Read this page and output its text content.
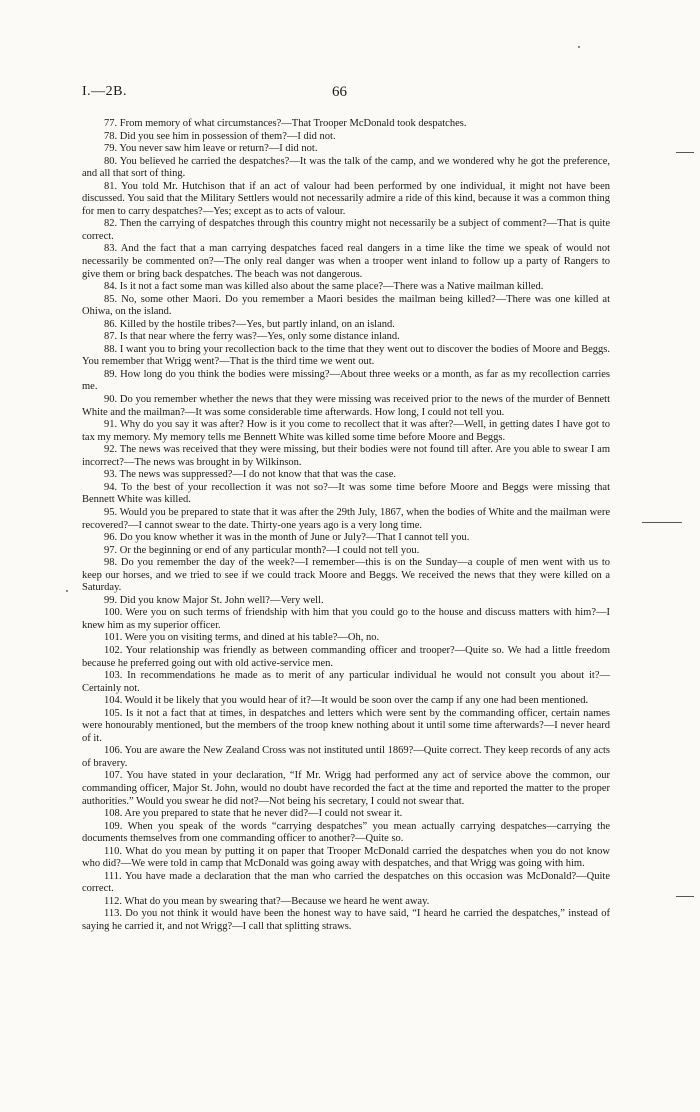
I.—2B.	66

77. From memory of what circumstances?—That Trooper McDonald took despatches.

78. Did you see him in possession of them?—I did not.

79. You never saw him leave or return?—I did not.

80. You believed he carried the despatches?—It was the talk of the camp, and we wondered why he got the preference, and all that sort of thing.

81. You told Mr. Hutchison that if an act of valour had been performed by one individual, it might not have been discussed. You said that the Military Settlers would not necessarily admire a ride of this kind, because it was a common thing for men to carry despatches?—Yes; except as to acts of valour.

82. Then the carrying of despatches through this country might not necessarily be a subject of comment?—That is quite correct.

83. And the fact that a man carrying despatches faced real dangers in a time like the time we speak of would not necessarily be commented on?—The only real danger was when a trooper went inland to follow up a party of Rangers to give them or bring back despatches. The beach was not dangerous.

84. Is it not a fact some man was killed also about the same place?—There was a Native mailman killed.

85. No, some other Maori. Do you remember a Maori besides the mailman being killed?—There was one killed at Ohiwa, on the island.

86. Killed by the hostile tribes?—Yes, but partly inland, on an island.

87. Is that near where the ferry was?—Yes, only some distance inland.

88. I want you to bring your recollection back to the time that they went out to discover the bodies of Moore and Beggs. You remember that Wrigg went?—That is the third time we went out.

89. How long do you think the bodies were missing?—About three weeks or a month, as far as my recollection carries me.

90. Do you remember whether the news that they were missing was received prior to the news of the murder of Bennett White and the mailman?—It was some considerable time afterwards. How long, I could not tell you.

91. Why do you say it was after? How is it you come to recollect that it was after?—Well, in getting dates I have got to tax my memory. My memory tells me Bennett White was killed some time before Moore and Beggs.

92. The news was received that they were missing, but their bodies were not found till after. Are you able to swear I am incorrect?—The news was brought in by Wilkinson.

93. The news was suppressed?—I do not know that that was the case.

94. To the best of your recollection it was not so?—It was some time before Moore and Beggs were missing that Bennett White was killed.

95. Would you be prepared to state that it was after the 29th July, 1867, when the bodies of White and the mailman were recovered?—I cannot swear to the date. Thirty-one years ago is a very long time.

96. Do you know whether it was in the month of June or July?—That I cannot tell you.

97. Or the beginning or end of any particular month?—I could not tell you.

98. Do you remember the day of the week?—I remember—this is on the Sunday—a couple of men went with us to keep our horses, and we tried to see if we could track Moore and Beggs. We received the news that they were killed on a Saturday.

99. Did you know Major St. John well?—Very well.

100. Were you on such terms of friendship with him that you could go to the house and discuss matters with him?—I knew him as my superior officer.

101. Were you on visiting terms, and dined at his table?—Oh, no.

102. Your relationship was friendly as between commanding officer and trooper?—Quite so. We had a little freedom because he preferred going out with old active-service men.

103. In recommendations he made as to merit of any particular individual he would not consult you about it?—Certainly not.

104. Would it be likely that you would hear of it?—It would be soon over the camp if any one had been mentioned.

105. Is it not a fact that at times, in despatches and letters which were sent by the commanding officer, certain names were honourably mentioned, but the members of the troop knew nothing about it until some time afterwards?—I never heard of it.

106. You are aware the New Zealand Cross was not instituted until 1869?—Quite correct. They keep records of any acts of bravery.

107. You have stated in your declaration, “If Mr. Wrigg had performed any act of service above the common, our commanding officer, Major St. John, would no doubt have recorded the fact at the time and reported the matter to the proper authorities.” Would you swear he did not?—Not being his secretary, I could not swear that.

108. Are you prepared to state that he never did?—I could not swear it.

109. When you speak of the words “carrying despatches” you mean actually carrying despatches—carrying the documents themselves from one commanding officer to another?—Quite so.

110. What do you mean by putting it on paper that Trooper McDonald carried the despatches when you do not know who did?—We were told in camp that McDonald was going away with despatches, and that Wrigg was going with him.

111. You have made a declaration that the man who carried the despatches on this occasion was McDonald?—Quite correct.

112. What do you mean by swearing that?—Because we heard he went away.

113. Do you not think it would have been the honest way to have said, “I heard he carried the despatches,” instead of saying he carried it, and not Wrigg?—I call that splitting straws.
